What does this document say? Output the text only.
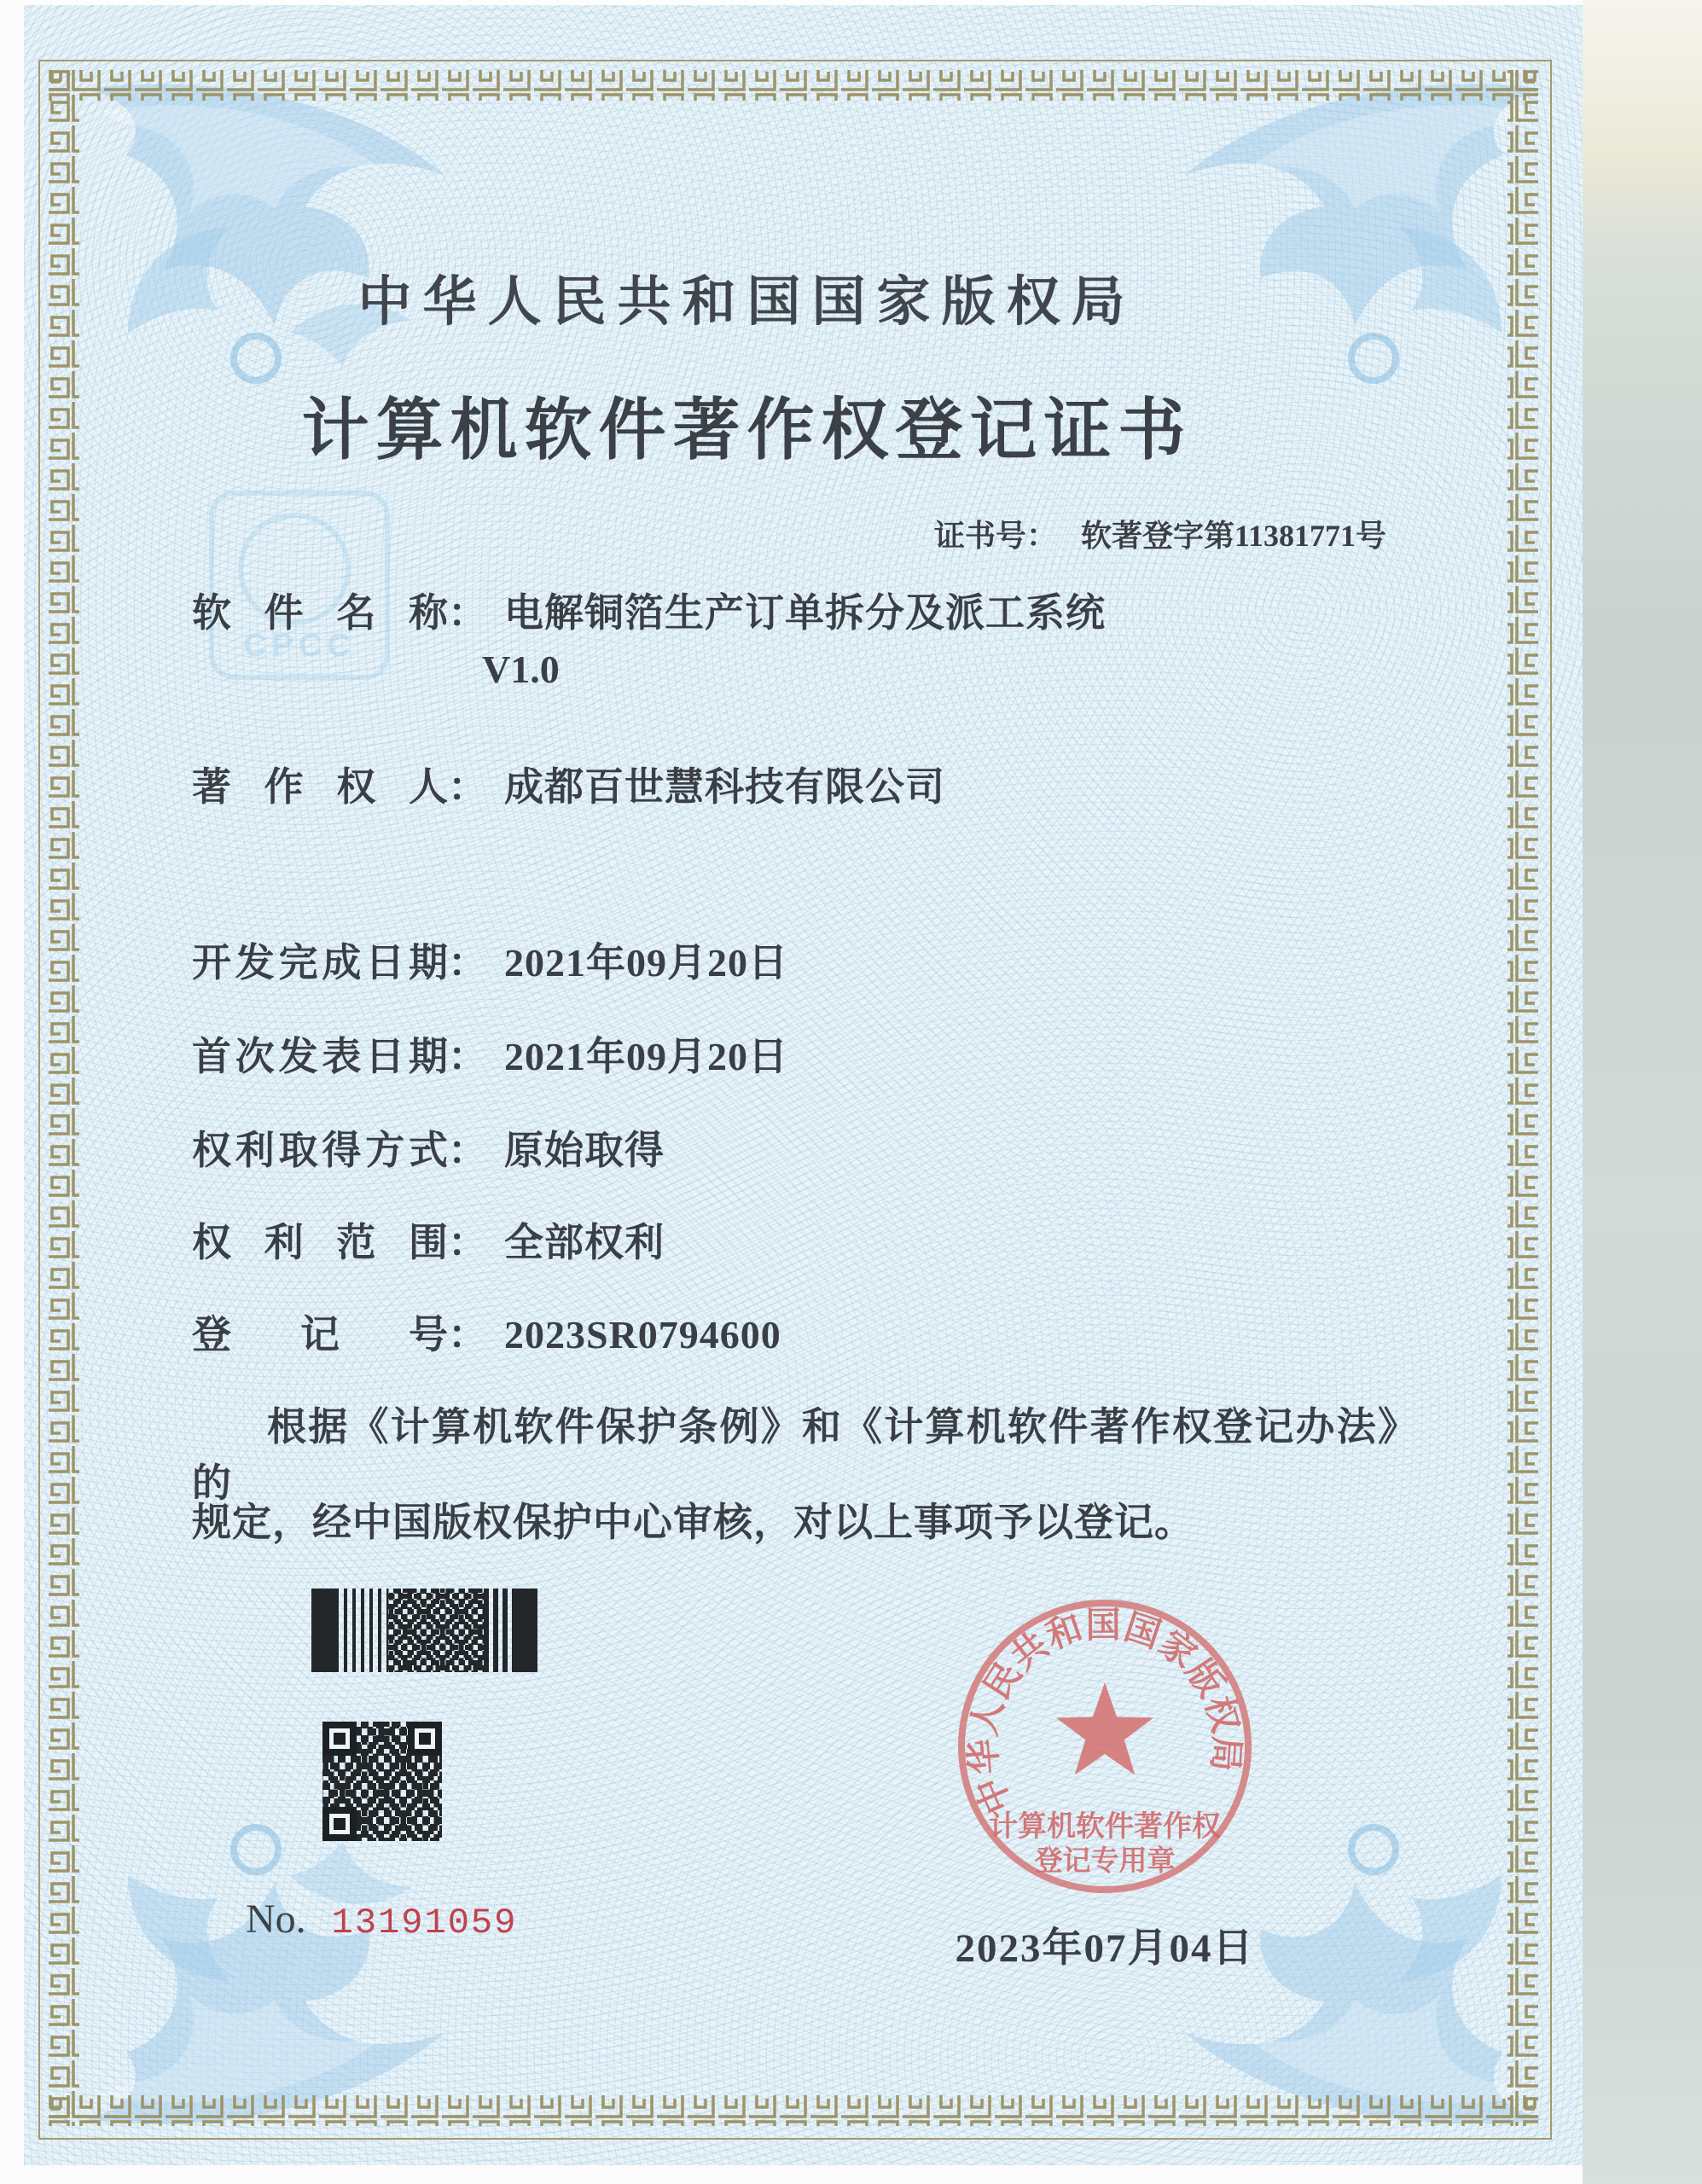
CPCC
中华人民共和国国家版权局
计算机软件著作权登记证书
证书号： 软著登字第11381771号
软件名称： 电解铜箔生产订单拆分及派工系统
V1.0
著作权人： 成都百世慧科技有限公司
开发完成日期： 2021年09月20日
首次发表日期： 2021年09月20日
权利取得方式： 原始取得
权利范围： 全部权利
登记号： 2023SR0794600
根据《计算机软件保护条例》和《计算机软件著作权登记办法》的
规定，经中国版权保护中心审核，对以上事项予以登记。
No. 13191059
中华人民共和国国家版权局
计算机软件著作权
登记专用章
2023年07月04日
